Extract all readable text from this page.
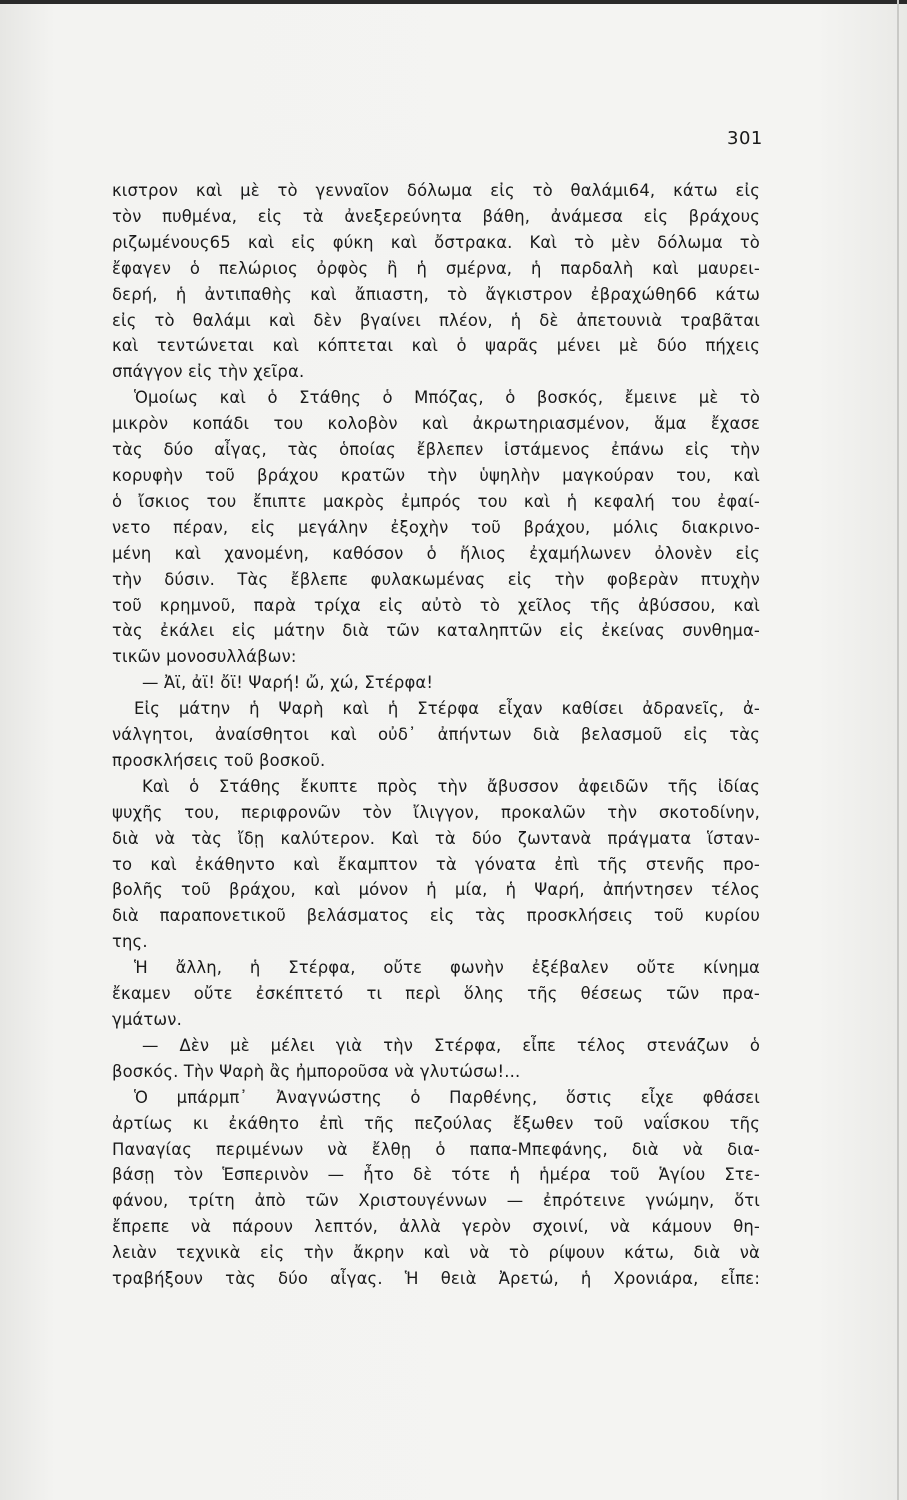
301
κιστρον καὶ μὲ τὸ γενναῖον δόλωμα εἰς τὸ θαλάμι64, κάτω εἰς
τὸν πυθμένα, εἰς τὰ ἀνεξερεύνητα βάθη, ἀνάμεσα εἰς βράχους
ριζωμένους65 καὶ εἰς φύκη καὶ ὄστρακα. Καὶ τὸ μὲν δόλωμα τὸ
ἔφαγεν ὁ πελώριος ὀρφὸς ἢ ἡ σμέρνα, ἡ παρδαλὴ καὶ μαυρει-
δερή, ἡ ἀντιπαθὴς καὶ ἄπιαστη, τὸ ἄγκιστρον ἐβραχώθη66 κάτω
εἰς τὸ θαλάμι καὶ δὲν βγαίνει πλέον, ἡ δὲ ἀπετουνιὰ τραβᾶται
καὶ τεντώνεται καὶ κόπτεται καὶ ὁ ψαρᾶς μένει μὲ δύο πήχεις
σπάγγον εἰς τὴν χεῖρα.
Ὁμοίως καὶ ὁ Στάθης ὁ Μπόζας, ὁ βοσκός, ἔμεινε μὲ τὸ
μικρὸν κοπάδι του κολοβὸν καὶ ἀκρωτηριασμένον, ἅμα ἔχασε
τὰς δύο αἶγας, τὰς ὁποίας ἔβλεπεν ἱστάμενος ἐπάνω εἰς τὴν
κορυφὴν τοῦ βράχου κρατῶν τὴν ὑψηλὴν μαγκούραν του, καὶ
ὁ ἴσκιος του ἔπιπτε μακρὸς ἐμπρός του καὶ ἡ κεφαλή του ἐφαί-
νετο πέραν, εἰς μεγάλην ἐξοχὴν τοῦ βράχου, μόλις διακρινο-
μένη καὶ χανομένη, καθόσον ὁ ἥλιος ἐχαμήλωνεν ὀλονὲν εἰς
τὴν δύσιν. Τὰς ἔβλεπε φυλακωμένας εἰς τὴν φοβερὰν πτυχὴν
τοῦ κρημνοῦ, παρὰ τρίχα εἰς αὐτὸ τὸ χεῖλος τῆς ἀβύσσου, καὶ
τὰς ἐκάλει εἰς μάτην διὰ τῶν καταληπτῶν εἰς ἐκείνας συνθημα-
τικῶν μονοσυλλάβων:
— Ἀϊ, ἀϊ! ὄϊ! Ψαρή! ὤ, χώ, Στέρφα!
Εἰς μάτην ἡ Ψαρὴ καὶ ἡ Στέρφα εἶχαν καθίσει ἀδρανεῖς, ἀ-
νάλγητοι, ἀναίσθητοι καὶ οὐδ᾽ ἀπήντων διὰ βελασμοῦ εἰς τὰς
προσκλήσεις τοῦ βοσκοῦ.
Καὶ ὁ Στάθης ἔκυπτε πρὸς τὴν ἄβυσσον ἀφειδῶν τῆς ἰδίας
ψυχῆς του, περιφρονῶν τὸν ἴλιγγον, προκαλῶν τὴν σκοτοδίνην,
διὰ νὰ τὰς ἴδῃ καλύτερον. Καὶ τὰ δύο ζωντανὰ πράγματα ἵσταν-
το καὶ ἐκάθηντο καὶ ἔκαμπτον τὰ γόνατα ἐπὶ τῆς στενῆς προ-
βολῆς τοῦ βράχου, καὶ μόνον ἡ μία, ἡ Ψαρή, ἀπήντησεν τέλος
διὰ παραπονετικοῦ βελάσματος εἰς τὰς προσκλήσεις τοῦ κυρίου
της.
Ἡ ἄλλη, ἡ Στέρφα, οὔτε φωνὴν ἐξέβαλεν οὔτε κίνημα
ἔκαμεν οὔτε ἐσκέπτετό τι περὶ ὅλης τῆς θέσεως τῶν πρα-
γμάτων.
— Δὲν μὲ μέλει γιὰ τὴν Στέρφα, εἶπε τέλος στενάζων ὁ
βοσκός. Τὴν Ψαρὴ ἂς ἠμποροῦσα νὰ γλυτώσω!...
Ὁ μπάρμπ᾽ Ἀναγνώστης ὁ Παρθένης, ὅστις εἶχε φθάσει
ἀρτίως κι ἐκάθητο ἐπὶ τῆς πεζούλας ἔξωθεν τοῦ ναΐσκου τῆς
Παναγίας περιμένων νὰ ἔλθῃ ὁ παπα-Μπεφάνης, διὰ νὰ δια-
βάσῃ τὸν Ἑσπερινὸν — ἦτο δὲ τότε ἡ ἡμέρα τοῦ Ἁγίου Στε-
φάνου, τρίτη ἀπὸ τῶν Χριστουγέννων — ἐπρότεινε γνώμην, ὅτι
ἔπρεπε νὰ πάρουν λεπτόν, ἀλλὰ γερὸν σχοινί, νὰ κάμουν θη-
λειὰν τεχνικὰ εἰς τὴν ἄκρην καὶ νὰ τὸ ρίψουν κάτω, διὰ νὰ
τραβήξουν τὰς δύο αἶγας. Ἡ θειὰ Ἀρετώ, ἡ Χρονιάρα, εἶπε:
